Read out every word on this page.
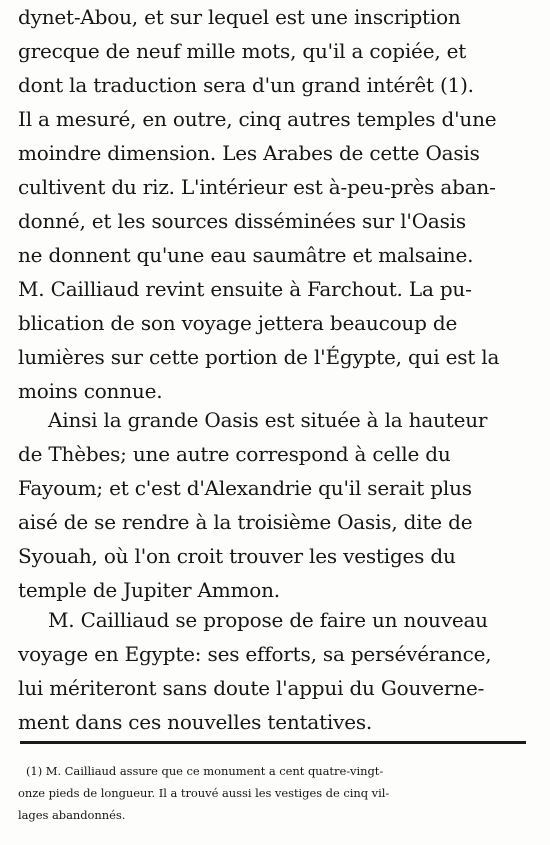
dynet-Abou, et sur lequel est une inscription
grecque de neuf mille mots, qu'il a copiée, et
dont la traduction sera d'un grand intérêt (1).
Il a mesuré, en outre, cinq autres temples d'une
moindre dimension. Les Arabes de cette Oasis
cultivent du riz. L'intérieur est à-peu-près aban-
donné, et les sources disséminées sur l'Oasis
ne donnent qu'une eau saumâtre et malsaine.
M. Cailliaud revint ensuite à Farchout. La pu-
blication de son voyage jettera beaucoup de
lumières sur cette portion de l'Égypte, qui est la
moins connue.
Ainsi la grande Oasis est située à la hauteur
de Thèbes; une autre correspond à celle du
Fayoum; et c'est d'Alexandrie qu'il serait plus
aisé de se rendre à la troisième Oasis, dite de
Syouah, où l'on croit trouver les vestiges du
temple de Jupiter Ammon.
M. Cailliaud se propose de faire un nouveau
voyage en Egypte: ses efforts, sa persévérance,
lui mériteront sans doute l'appui du Gouverne-
ment dans ces nouvelles tentatives.
(1) M. Cailliaud assure que ce monument a cent quatre-vingt-
onze pieds de longueur. Il a trouvé aussi les vestiges de cinq vil-
lages abandonnés.
